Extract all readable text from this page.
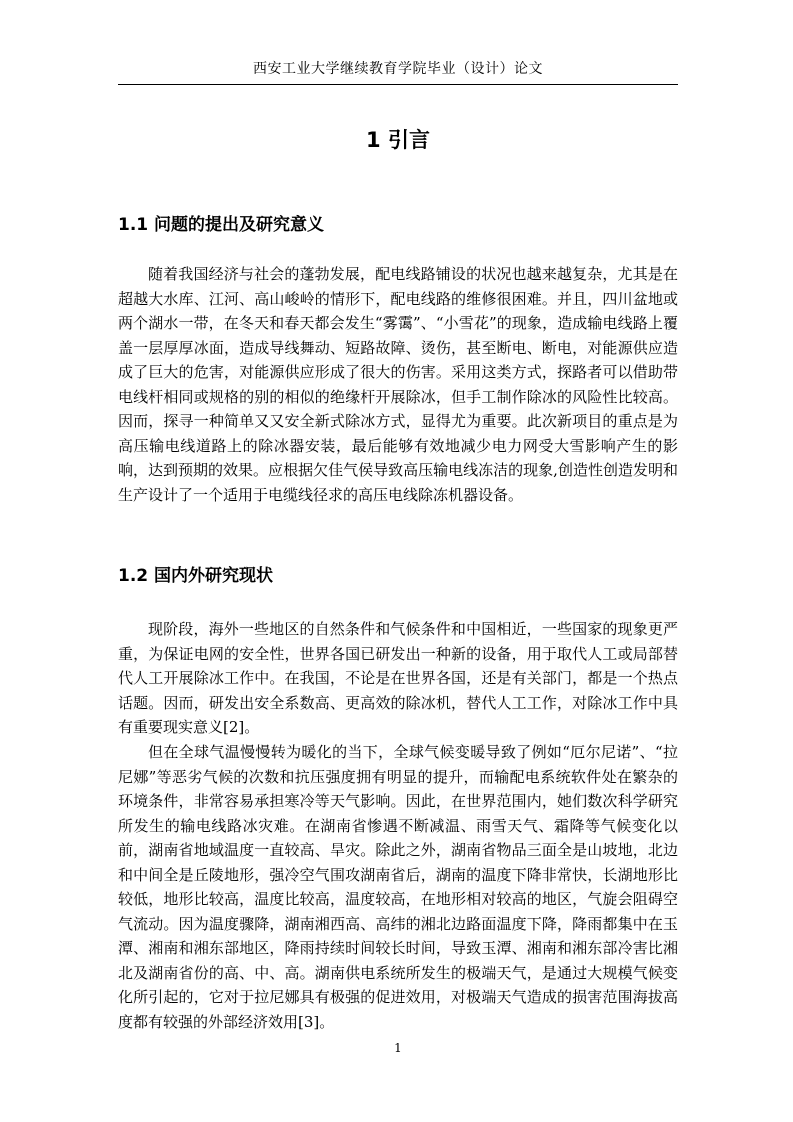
西安工业大学继续教育学院毕业（设计）论文
1 引言
1.1 问题的提出及研究意义

随着我国经济与社会的蓬勃发展，配电线路铺设的状况也越来越复杂，尤其是在超越大水库、江河、高山峻岭的情形下，配电线路的维修很困难。并且，四川盆地或两个湖水一带，在冬天和春天都会发生“雾霭”、“小雪花”的现象，造成输电线路上覆盖一层厚厚冰面，造成导线舞动、短路故障、烫伤，甚至断电、断电，对能源供应造成了巨大的危害，对能源供应形成了很大的伤害。采用这类方式，探路者可以借助带电线杆相同或规格的别的相似的绝缘杆开展除冰，但手工制作除冰的风险性比较高。因而，探寻一种简单又又安全新式除冰方式，显得尤为重要。此次新项目的重点是为高压输电线道路上的除冰器安装，最后能够有效地减少电力网受大雪影响产生的影响，达到预期的效果。应根据欠佳气侯导致高压输电线冻洁的现象,创造性创造发明和生产设计了一个适用于电缆线径求的高压电线除冻机器设备。

1.2 国内外研究现状

现阶段，海外一些地区的自然条件和气候条件和中国相近，一些国家的现象更严重，为保证电网的安全性，世界各国已研发出一种新的设备，用于取代人工或局部替代人工开展除冰工作中。在我国，不论是在世界各国，还是有关部门，都是一个热点话题。因而，研发出安全系数高、更高效的除冰机，替代人工工作，对除冰工作中具有重要现实意义[2]。

但在全球气温慢慢转为暖化的当下，全球气候变暖导致了例如“厄尔尼诺”、“拉尼娜”等恶劣气候的次数和抗压强度拥有明显的提升，而输配电系统软件处在繁杂的环境条件，非常容易承担寒冷等天气影响。因此，在世界范围内，她们数次科学研究所发生的输电线路冰灾难。在湖南省惨遇不断减温、雨雪天气、霜降等气候变化以前，湖南省地域温度一直较高、旱灾。除此之外，湖南省物品三面全是山坡地，北边和中间全是丘陵地形，强冷空气围攻湖南省后，湖南的温度下降非常快，长湖地形比较低，地形比较高，温度比较高，温度较高，在地形相对较高的地区，气旋会阻碍空气流动。因为温度骤降，湖南湘西高、高纬的湘北边路面温度下降，降雨都集中在玉潭、湘南和湘东部地区，降雨持续时间较长时间，导致玉潭、湘南和湘东部冷害比湘北及湖南省份的高、中、高。湖南供电系统所发生的极端天气，是通过大规模气候变化所引起的，它对于拉尼娜具有极强的促进效用，对极端天气造成的损害范围海拔高度都有较强的外部经济效用[3]。

1
